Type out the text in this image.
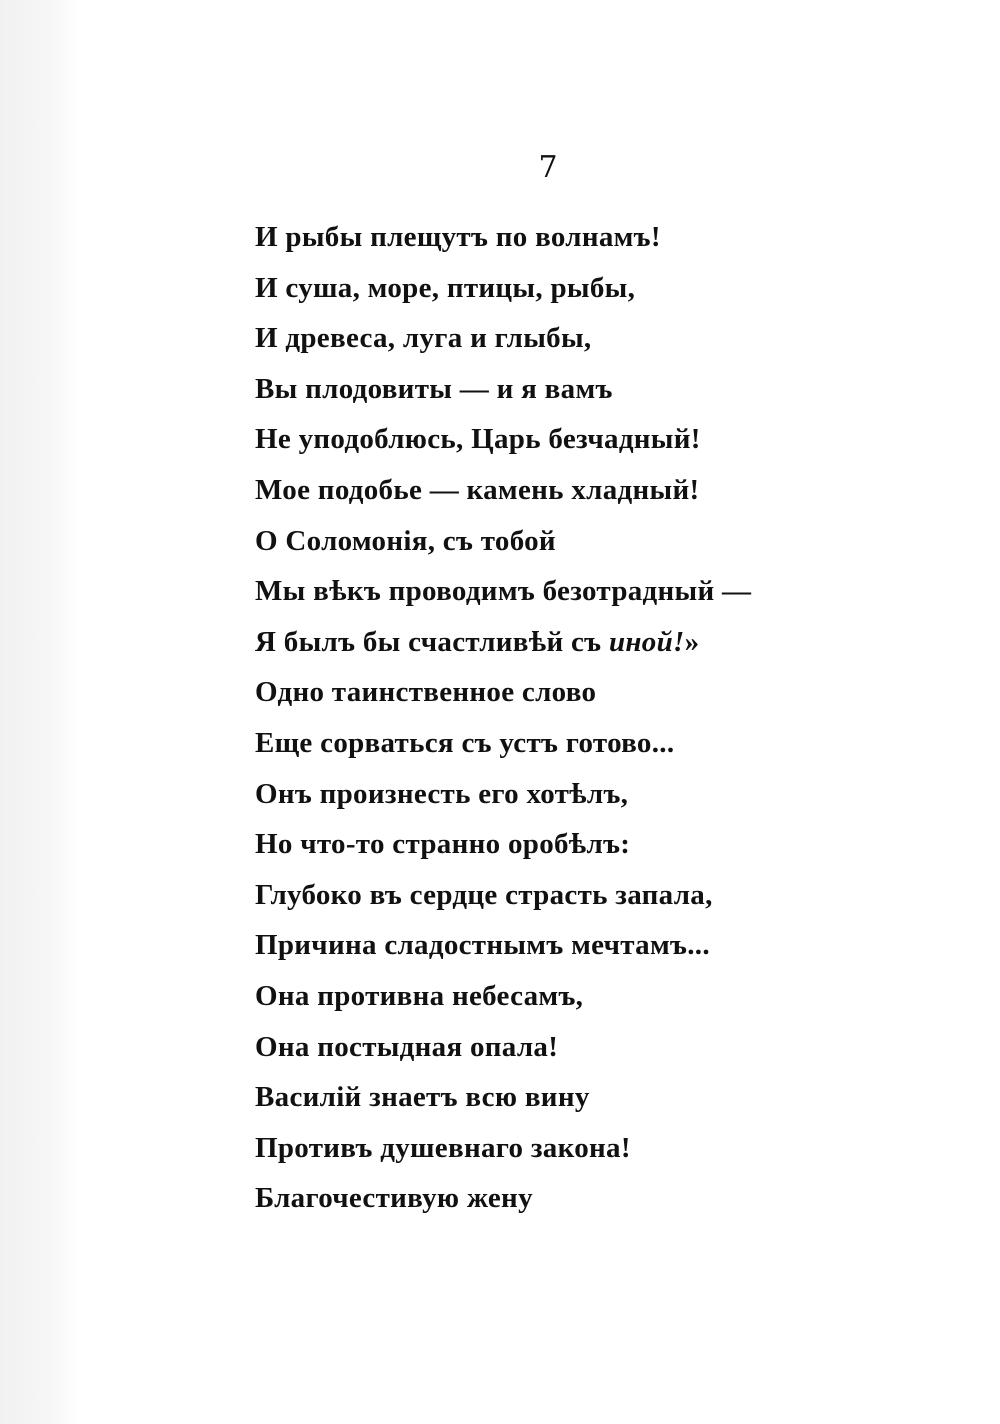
7
И рыбы плещутъ по волнамъ!
И суша, море, птицы, рыбы,
И древеса, луга и глыбы,
Вы плодовиты — и я вамъ
Не уподоблюсь, Царь безчадный!
Мое подобье — камень хладный!
О Соломонія, съ тобой
Мы вѣкъ проводимъ безотрадный —
Я былъ бы счастливѣй съ иной!»
Одно таинственное слово
Еще сорваться съ устъ готово...
Онъ произнесть его хотѣлъ,
Но что-то странно оробѣлъ:
Глубоко въ сердце страсть запала,
Причина сладостнымъ мечтамъ...
Она противна небесамъ,
Она постыдная опала!
Василій знаетъ всю вину
Противъ душевнаго закона!
Благочестивую жену
